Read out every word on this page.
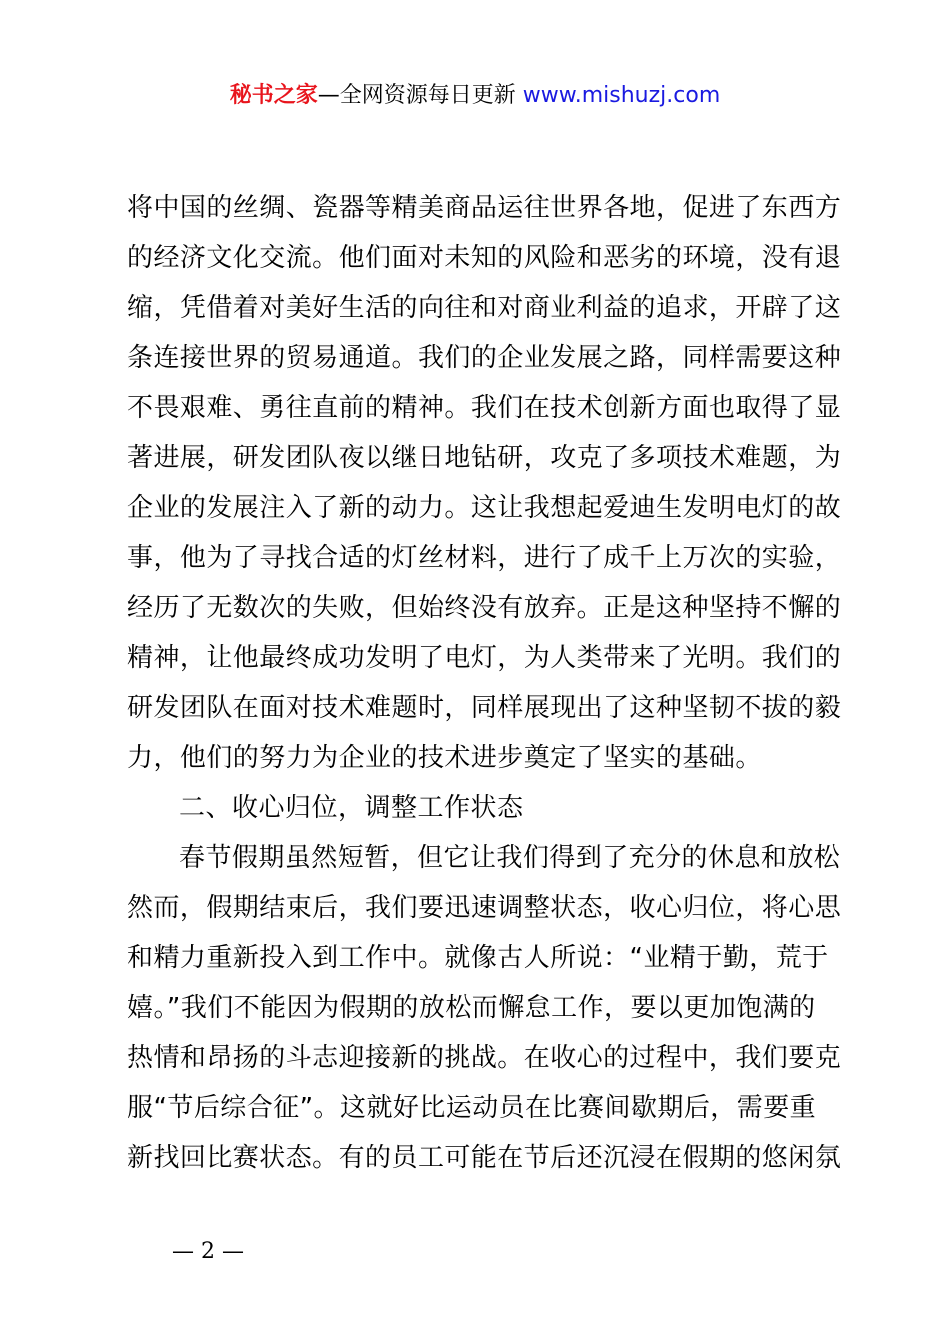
秘书之家—全网资源每日更新 www.mishuzj.com
将中国的丝绸、瓷器等精美商品运往世界各地，促进了东西方
的经济文化交流。他们面对未知的风险和恶劣的环境，没有退
缩，凭借着对美好生活的向往和对商业利益的追求，开辟了这
条连接世界的贸易通道。我们的企业发展之路，同样需要这种
不畏艰难、勇往直前的精神。我们在技术创新方面也取得了显
著进展，研发团队夜以继日地钻研，攻克了多项技术难题，为
企业的发展注入了新的动力。这让我想起爱迪生发明电灯的故
事，他为了寻找合适的灯丝材料，进行了成千上万次的实验，
经历了无数次的失败，但始终没有放弃。正是这种坚持不懈的
精神，让他最终成功发明了电灯，为人类带来了光明。我们的
研发团队在面对技术难题时，同样展现出了这种坚韧不拔的毅
力，他们的努力为企业的技术进步奠定了坚实的基础。
二、收心归位，调整工作状态
春节假期虽然短暂，但它让我们得到了充分的休息和放松
然而，假期结束后，我们要迅速调整状态，收心归位，将心思
和精力重新投入到工作中。就像古人所说：“业精于勤，荒于
嬉。”我们不能因为假期的放松而懈怠工作，要以更加饱满的
热情和昂扬的斗志迎接新的挑战。在收心的过程中，我们要克
服“节后综合征”。这就好比运动员在比赛间歇期后，需要重
新找回比赛状态。有的员工可能在节后还沉浸在假期的悠闲氛
— 2 —
